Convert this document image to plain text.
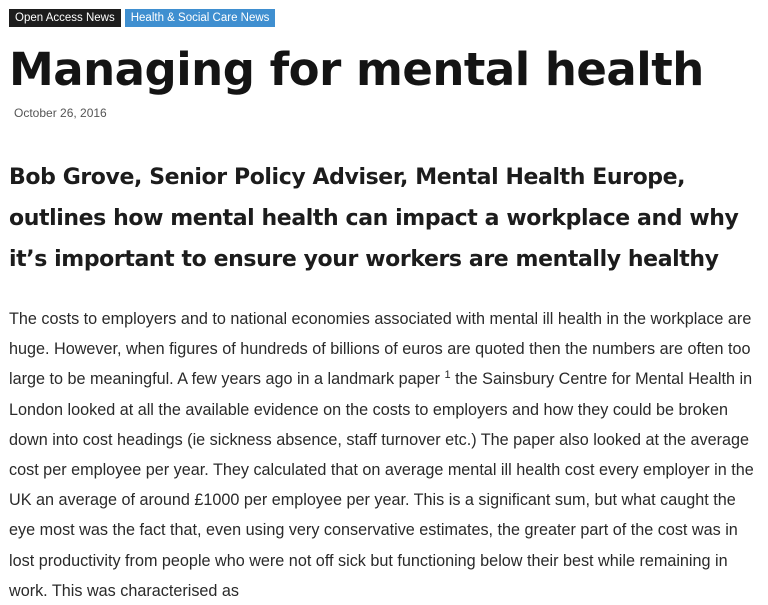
Open Access News	Health & Social Care News
Managing for mental health
October 26, 2016
Bob Grove, Senior Policy Adviser, Mental Health Europe, outlines how mental health can impact a workplace and why it’s important to ensure your workers are mentally healthy

The costs to employers and to national economies associated with mental ill health in the workplace are huge. However, when figures of hundreds of billions of euros are quoted then the numbers are often too large to be meaningful. A few years ago in a landmark paper $^1$ the Sainsbury Centre for Mental Health in London looked at all the available evidence on the costs to employers and how they could be broken down into cost headings (ie sickness absence, staff turnover etc.) The paper also looked at the average cost per employee per year. They calculated that on average mental ill health cost every employer in the UK an average of around £1000 per employee per year. This is a significant sum, but what caught the eye most was the fact that, even using very conservative estimates, the greater part of the cost was in lost productivity from people who were not off sick but functioning below their best while remaining in work. This was characterised as
